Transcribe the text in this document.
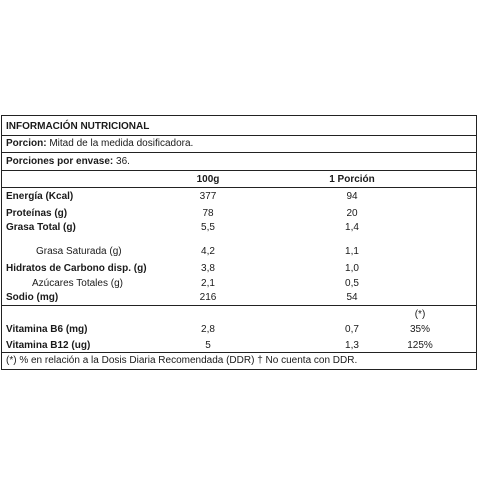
INFORMACIÓN NUTRICIONAL
Porcion: Mitad de la medida dosificadora.
Porciones por envase: 36.
100g	1 Porción
Energía (Kcal)	377	94
Proteínas (g)	78	20
Grasa Total (g)	5,5	1,4
Grasa Saturada (g)	4,2	1,1
Hidratos de Carbono disp. (g)	3,8	1,0
Azúcares Totales (g)	2,1	0,5
Sodio (mg)	216	54
(*)
Vitamina B6 (mg)	2,8	0,7	35%
Vitamina B12 (ug)	5	1,3	125%
(*) % en relación a la Dosis Diaria Recomendada (DDR) † No cuenta con DDR.
